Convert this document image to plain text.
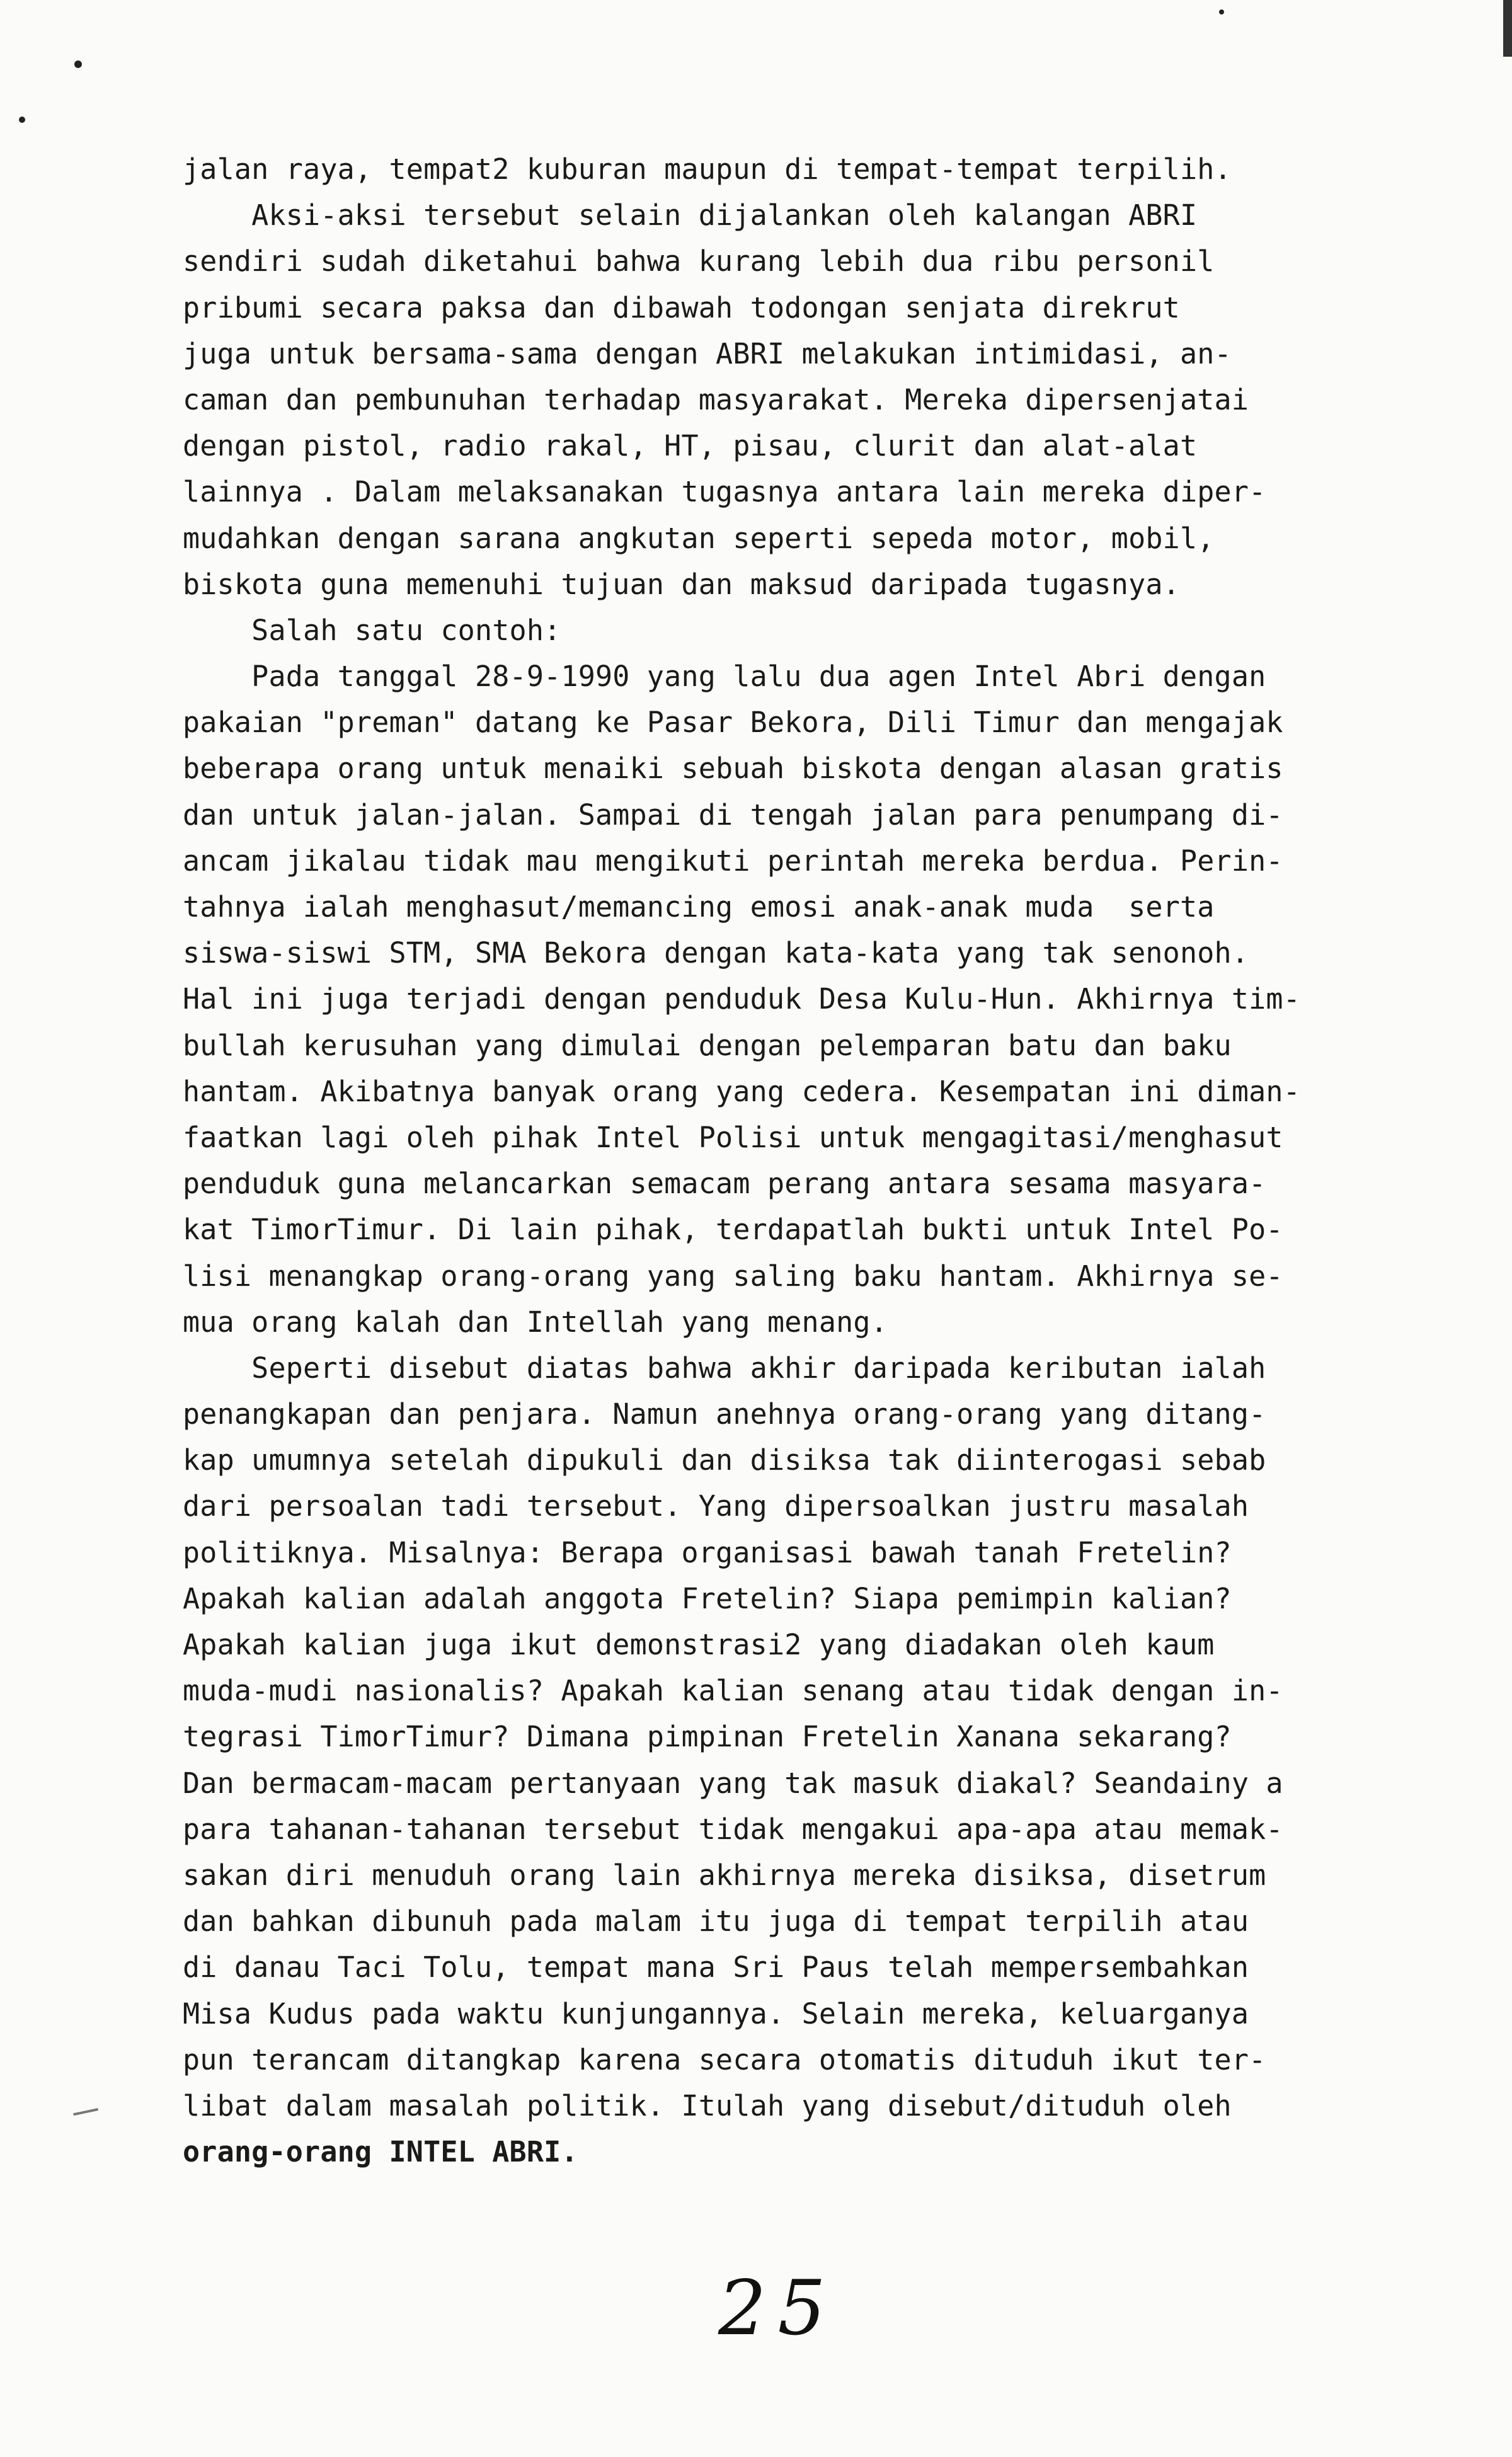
jalan raya, tempat2 kuburan maupun di tempat-tempat terpilih.
Aksi-aksi tersebut selain dijalankan oleh kalangan ABRI
sendiri sudah diketahui bahwa kurang lebih dua ribu personil
pribumi secara paksa dan dibawah todongan senjata direkrut
juga untuk bersama-sama dengan ABRI melakukan intimidasi, an-
caman dan pembunuhan terhadap masyarakat. Mereka dipersenjatai
dengan pistol, radio rakal, HT, pisau, clurit dan alat-alat
lainnya . Dalam melaksanakan tugasnya antara lain mereka diper-
mudahkan dengan sarana angkutan seperti sepeda motor, mobil,
biskota guna memenuhi tujuan dan maksud daripada tugasnya.
Salah satu contoh:
Pada tanggal 28-9-1990 yang lalu dua agen Intel Abri dengan
pakaian "preman" datang ke Pasar Bekora, Dili Timur dan mengajak
beberapa orang untuk menaiki sebuah biskota dengan alasan gratis
dan untuk jalan-jalan. Sampai di tengah jalan para penumpang di-
ancam jikalau tidak mau mengikuti perintah mereka berdua. Perin-
tahnya ialah menghasut/memancing emosi anak-anak muda  serta
siswa-siswi STM, SMA Bekora dengan kata-kata yang tak senonoh.
Hal ini juga terjadi dengan penduduk Desa Kulu-Hun. Akhirnya tim-
bullah kerusuhan yang dimulai dengan pelemparan batu dan baku
hantam. Akibatnya banyak orang yang cedera. Kesempatan ini diman-
faatkan lagi oleh pihak Intel Polisi untuk mengagitasi/menghasut
penduduk guna melancarkan semacam perang antara sesama masyara-
kat TimorTimur. Di lain pihak, terdapatlah bukti untuk Intel Po-
lisi menangkap orang-orang yang saling baku hantam. Akhirnya se-
mua orang kalah dan Intellah yang menang.
Seperti disebut diatas bahwa akhir daripada keributan ialah
penangkapan dan penjara. Namun anehnya orang-orang yang ditang-
kap umumnya setelah dipukuli dan disiksa tak diinterogasi sebab
dari persoalan tadi tersebut. Yang dipersoalkan justru masalah
politiknya. Misalnya: Berapa organisasi bawah tanah Fretelin?
Apakah kalian adalah anggota Fretelin? Siapa pemimpin kalian?
Apakah kalian juga ikut demonstrasi2 yang diadakan oleh kaum
muda-mudi nasionalis? Apakah kalian senang atau tidak dengan in-
tegrasi TimorTimur? Dimana pimpinan Fretelin Xanana sekarang?
Dan bermacam-macam pertanyaan yang tak masuk diakal? Seandainy a
para tahanan-tahanan tersebut tidak mengakui apa-apa atau memak-
sakan diri menuduh orang lain akhirnya mereka disiksa, disetrum
dan bahkan dibunuh pada malam itu juga di tempat terpilih atau
di danau Taci Tolu, tempat mana Sri Paus telah mempersembahkan
Misa Kudus pada waktu kunjungannya. Selain mereka, keluarganya
pun terancam ditangkap karena secara otomatis dituduh ikut ter-
libat dalam masalah politik. Itulah yang disebut/dituduh oleh
orang-orang INTEL ABRI.
25
